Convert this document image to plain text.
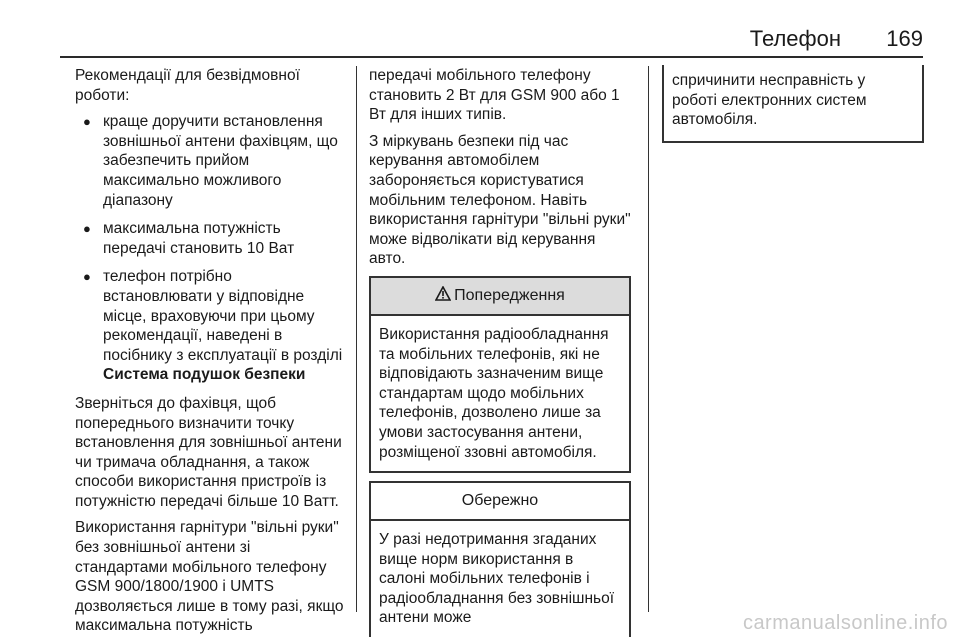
Телефон 169

Рекомендації для безвідмовної роботи:

● краще доручити встановлення зовнішньої антени фахівцям, що забезпечить прийом максимально можливого діапазону
● максимальна потужність передачі становить 10 Ват
● телефон потрібно встановлювати у відповідне місце, враховуючи при цьому рекомендації, наведені в посібнику з експлуатації в розділі Система подушок безпеки

Зверніться до фахівця, щоб попереднього визначити точку встановлення для зовнішньої антени чи тримача обладнання, а також способи використання пристроїв із потужністю передачі більше 10 Ватт.

Використання гарнітури "вільні руки" без зовнішньої антени зі стандартами мобільного телефону GSM 900/1800/1900 і UMTS дозволяється лише в тому разі, якщо максимальна потужність

передачі мобільного телефону становить 2 Вт для GSM 900 або 1 Вт для інших типів.

З міркувань безпеки під час керування автомобілем забороняється користуватися мобільним телефоном. Навіть використання гарнітури "вільні руки" може відволікати від керування авто.

Попередження
Використання радіообладнання та мобільних телефонів, які не відповідають зазначеним вище стандартам щодо мобільних телефонів, дозволено лише за умови застосування антени, розміщеної ззовні автомобіля.
Обережно
У разі недотримання згаданих вище норм використання в салоні мобільних телефонів і радіообладнання без зовнішньої антени може
спричинити несправність у роботі електронних систем автомобіля.
carmanualsonline.info
